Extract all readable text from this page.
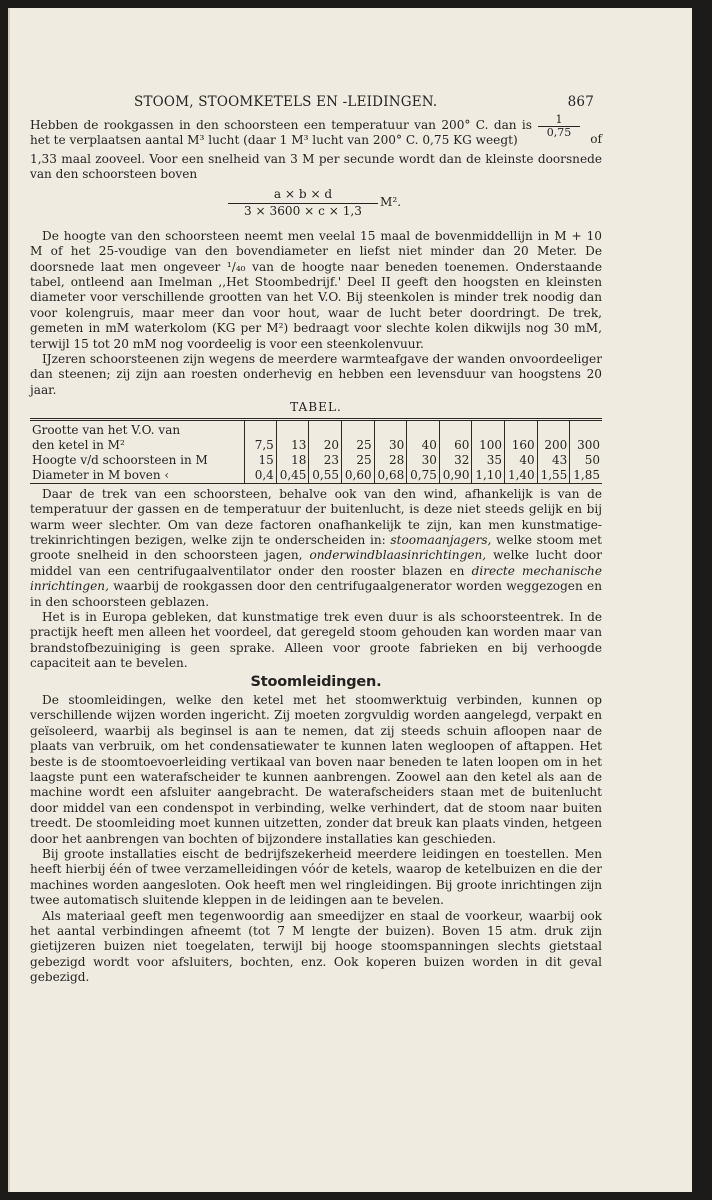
STOOM, STOOMKETELS EN -LEIDINGEN.	867

Hebben de rookgassen in den schoorsteen een temperatuur van 200° C. dan is het te verplaatsen aantal M³ lucht (daar 1 M³ lucht van 200° C. 0,75 KG weegt)

$\frac{1}{0,75}$ of

1,33 maal zooveel. Voor een snelheid van 3 M per secunde wordt dan de kleinste doorsnede van den schoorsteen boven

$\frac{a \times b \times d}{3 \times 3600 \times c \times 1,3} M^2$.

De hoogte van den schoorsteen neemt men veelal 15 maal de bovenmiddellijn in M + 10 M of het 25-voudige van den bovendiameter en liefst niet minder dan 20 Meter. De doorsnede laat men ongeveer ¹/₄₀ van de hoogte naar beneden toenemen. Onderstaande tabel, ontleend aan Imelman ,,Het Stoombedrijf.' Deel II geeft den hoogsten en kleinsten diameter voor verschillende grootten van het V.O. Bij steenkolen is minder trek noodig dan voor kolengruis, maar meer dan voor hout, waar de lucht beter doordringt. De trek, gemeten in mM waterkolom (KG per M²) bedraagt voor slechte kolen dikwijls nog 30 mM, terwijl 15 tot 20 mM nog voordeelig is voor een steenkolenvuur.

IJzeren schoorsteenen zijn wegens de meerdere warmteafgave der wanden onvoordeeliger dan steenen; zij zijn aan roesten onderhevig en hebben een levensduur van hoogstens 20 jaar.

TABEL.
Grootte van het V.O. van											
den ketel in M²	7,5	13	20	25	30	40	60	100	160	200	300
Hoogte v/d schoorsteen in M	15	18	23	25	28	30	32	35	40	43	50
Diameter in M boven ‹	0,4	0,45	0,55	0,60	0,68	0,75	0,90	1,10	1,40	1,55	1,85

Daar de trek van een schoorsteen, behalve ook van den wind, afhankelijk is van de temperatuur der gassen en de temperatuur der buitenlucht, is deze niet steeds gelijk en bij warm weer slechter. Om van deze factoren onafhankelijk te zijn, kan men kunstmatige-trekinrichtingen bezigen, welke zijn te onderscheiden in: stoomaanjagers, welke stoom met groote snelheid in den schoorsteen jagen, onderwindblaasinrichtingen, welke lucht door middel van een centrifugaalventilator onder den rooster blazen en directe mechanische inrichtingen, waarbij de rookgassen door den centrifugaalgenerator worden weggezogen en in den schoorsteen geblazen.

Het is in Europa gebleken, dat kunstmatige trek even duur is als schoorsteentrek. In de practijk heeft men alleen het voordeel, dat geregeld stoom gehouden kan worden maar van brandstofbezuiniging is geen sprake. Alleen voor groote fabrieken en bij verhoogde capaciteit aan te bevelen.

Stoomleidingen.

De stoomleidingen, welke den ketel met het stoomwerktuig verbinden, kunnen op verschillende wijzen worden ingericht. Zij moeten zorgvuldig worden aangelegd, verpakt en geïsoleerd, waarbij als beginsel is aan te nemen, dat zij steeds schuin afloopen naar de plaats van verbruik, om het condensatiewater te kunnen laten wegloopen of aftappen. Het beste is de stoomtoevoerleiding vertikaal van boven naar beneden te laten loopen om in het laagste punt een waterafscheider te kunnen aanbrengen. Zoowel aan den ketel als aan de machine wordt een afsluiter aangebracht. De waterafscheiders staan met de buitenlucht door middel van een condenspot in verbinding, welke verhindert, dat de stoom naar buiten treedt. De stoomleiding moet kunnen uitzetten, zonder dat breuk kan plaats vinden, hetgeen door het aanbrengen van bochten of bijzondere installaties kan geschieden.

Bij groote installaties eischt de bedrijfszekerheid meerdere leidingen en toestellen. Men heeft hierbij één of twee verzamelleidingen vóór de ketels, waarop de ketelbuizen en die der machines worden aangesloten. Ook heeft men wel ringleidingen. Bij groote inrichtingen zijn twee automatisch sluitende kleppen in de leidingen aan te bevelen.

Als materiaal geeft men tegenwoordig aan smeedijzer en staal de voorkeur, waarbij ook het aantal verbindingen afneemt (tot 7 M lengte der buizen). Boven 15 atm. druk zijn gietijzeren buizen niet toegelaten, terwijl bij hooge stoomspanningen slechts gietstaal gebezigd wordt voor afsluiters, bochten, enz. Ook koperen buizen worden in dit geval gebezigd.
